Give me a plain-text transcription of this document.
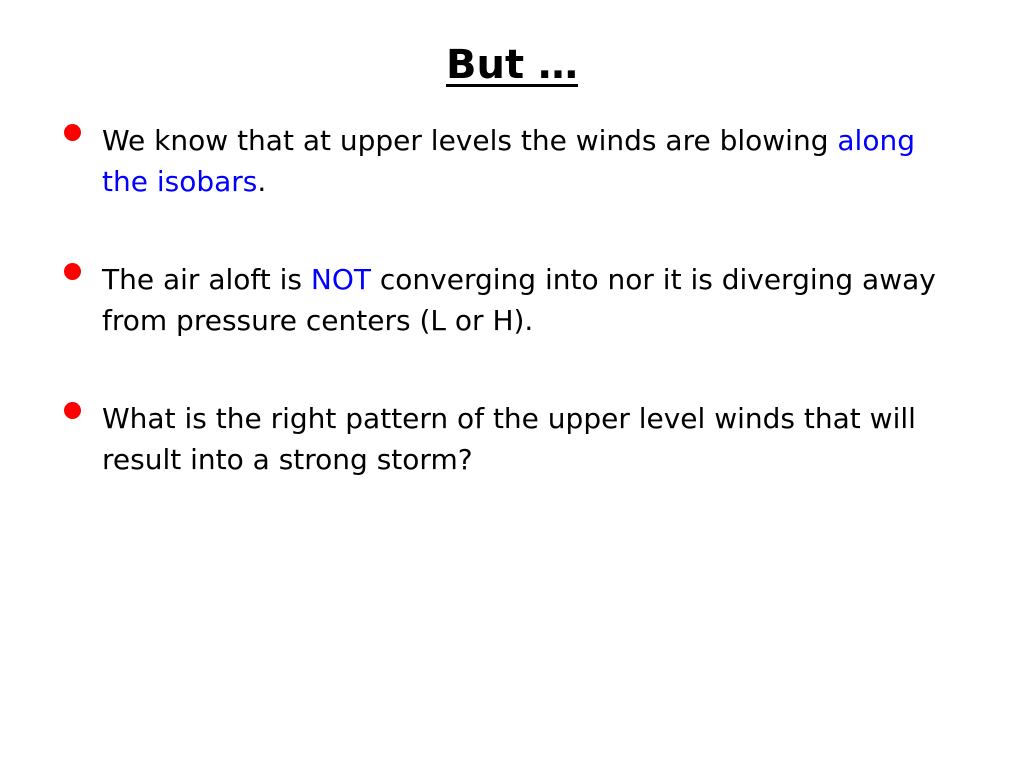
But …
We know that at upper levels the winds are blowing along the isobars.
The air aloft is NOT converging into nor it is diverging away from pressure centers (L or H).
What is the right pattern of the upper level winds that will result into a strong storm?
